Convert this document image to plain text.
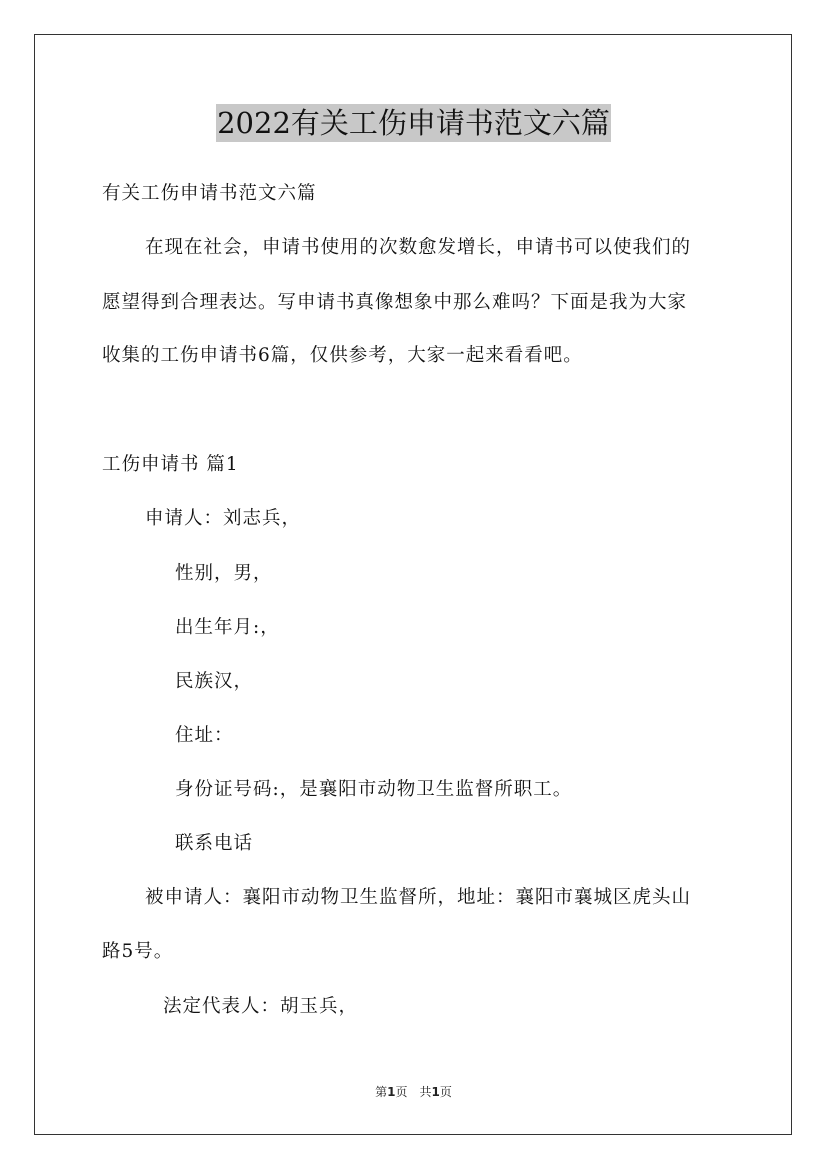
2022有关工伤申请书范文六篇
有关工伤申请书范文六篇
在现在社会，申请书使用的次数愈发增长，申请书可以使我们的
愿望得到合理表达。写申请书真像想象中那么难吗？下面是我为大家
收集的工伤申请书6篇，仅供参考，大家一起来看看吧。
工伤申请书 篇1
申请人：刘志兵，
性别，男，
出生年月:，
民族汉，
住址：
身份证号码:，是襄阳市动物卫生监督所职工。
联系电话
被申请人：襄阳市动物卫生监督所，地址：襄阳市襄城区虎头山
路5号。
法定代表人：胡玉兵，
第1页　共1页
